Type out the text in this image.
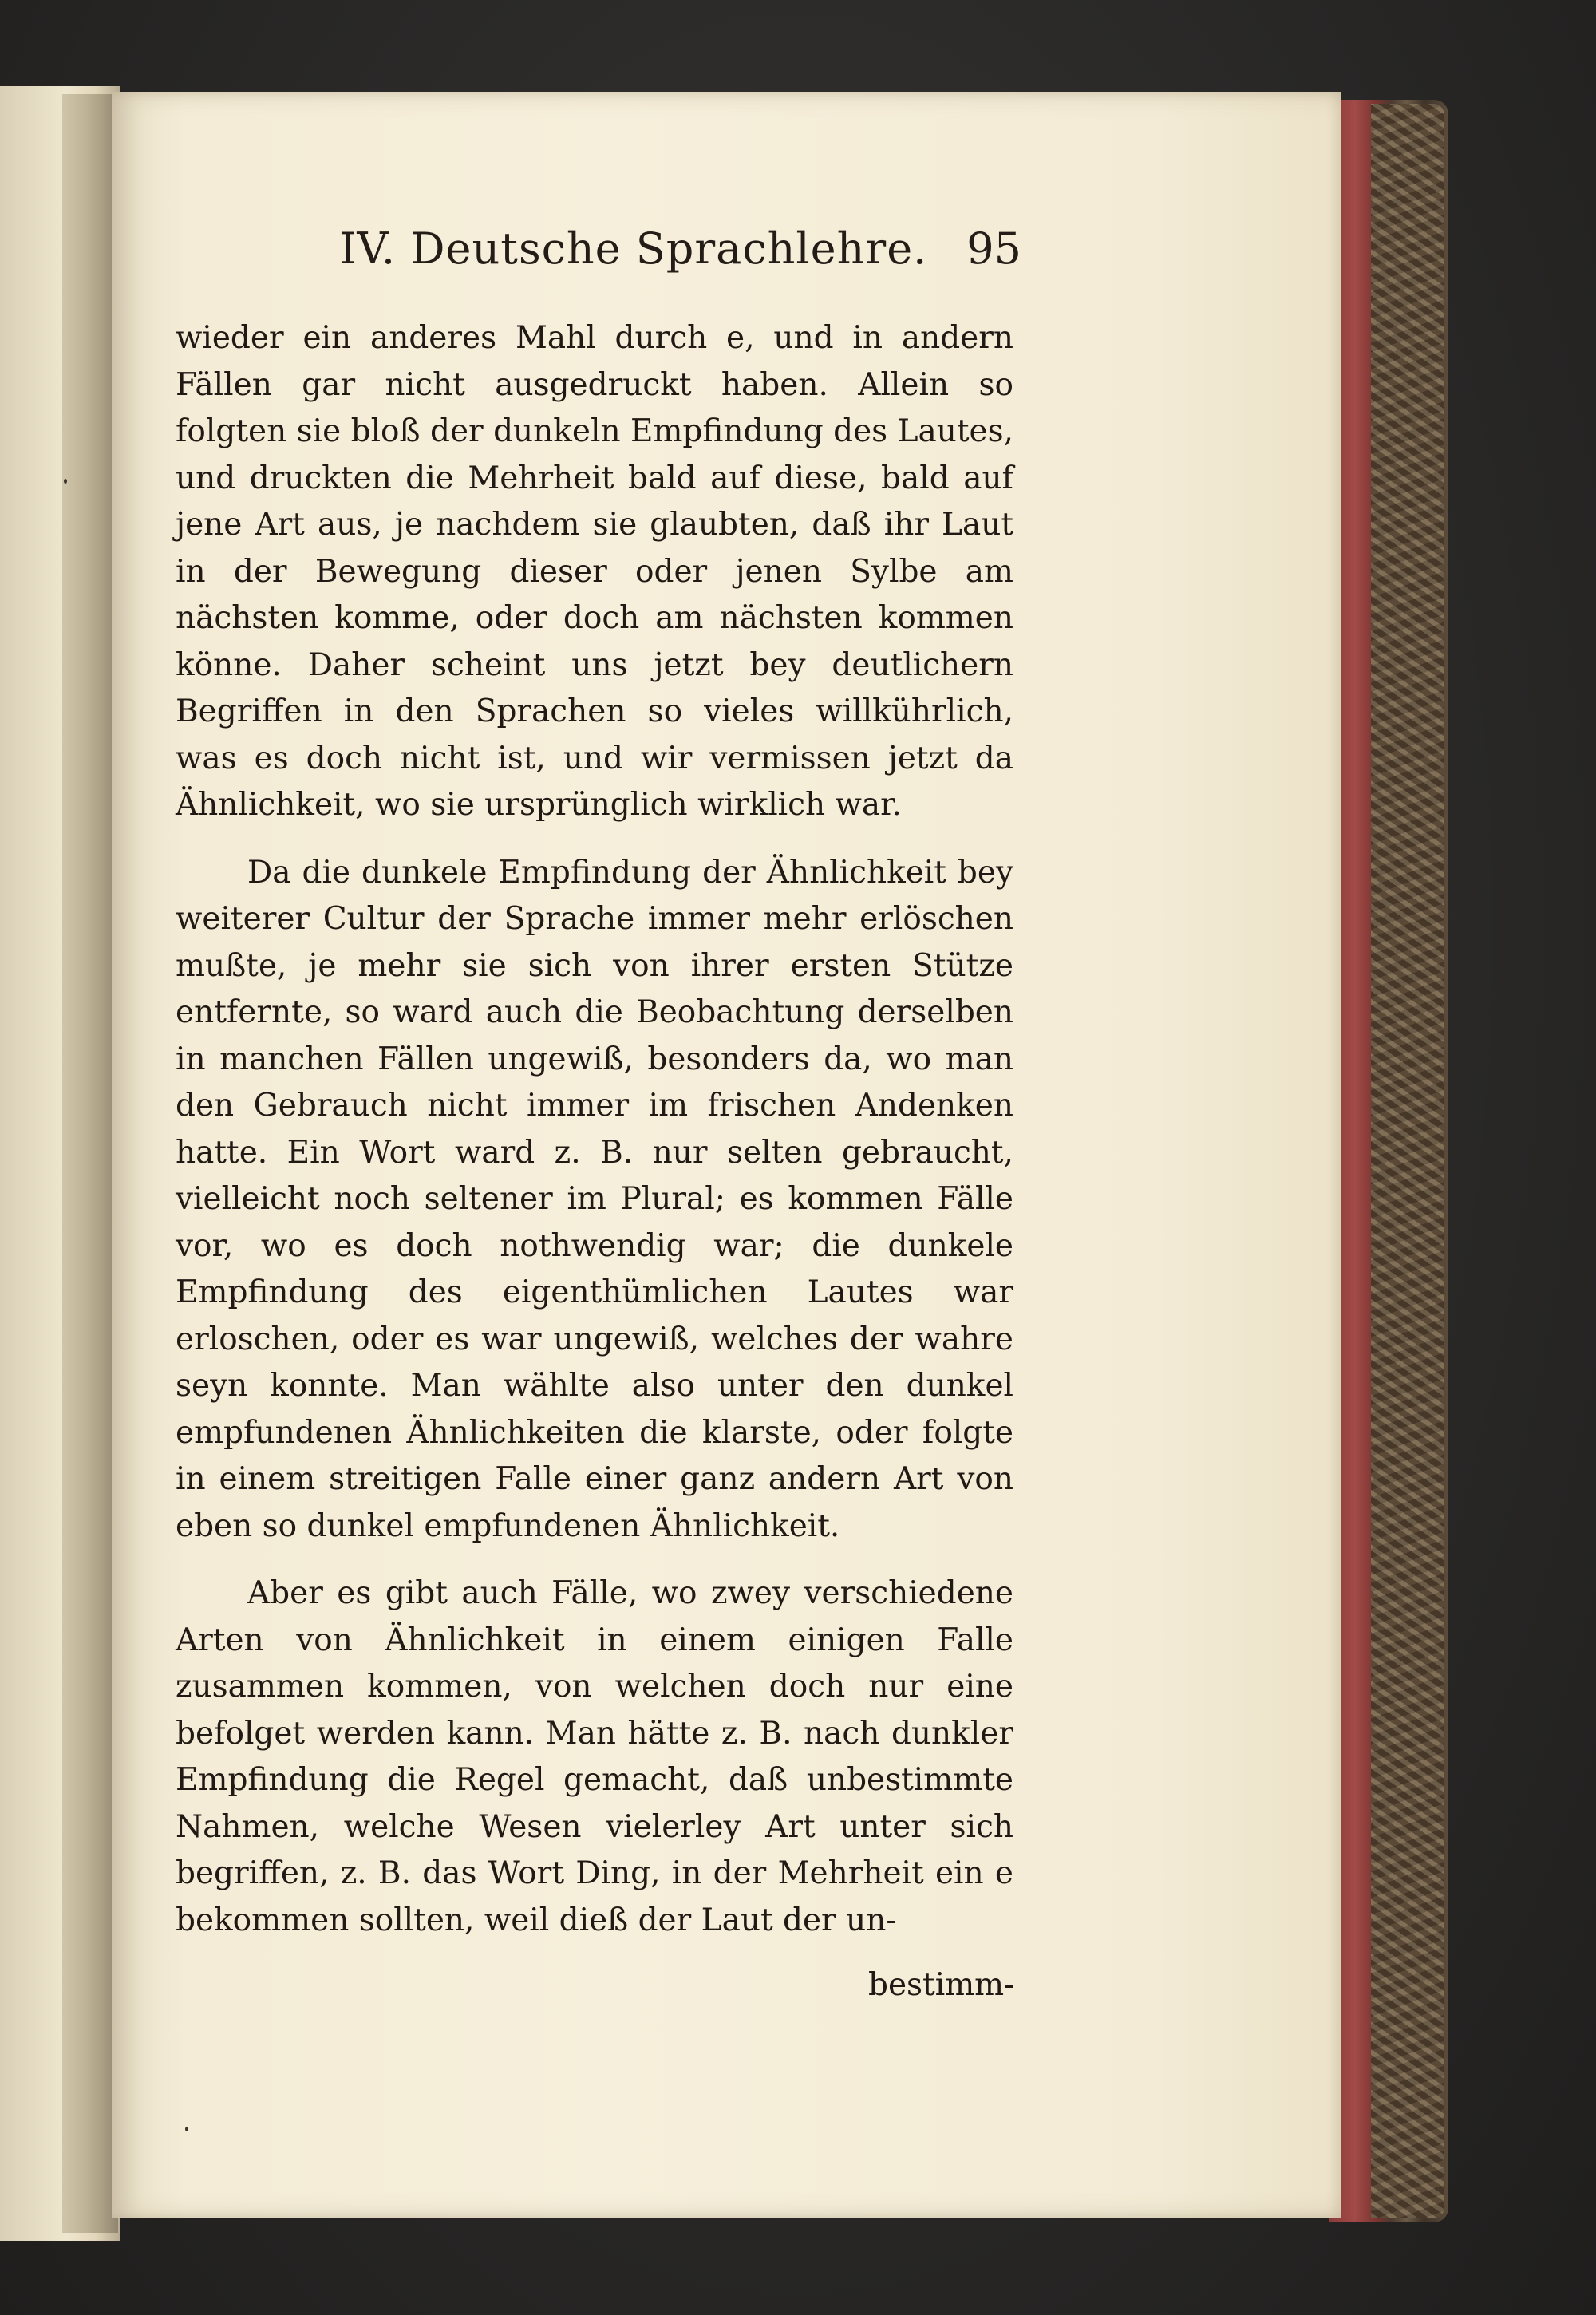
IV. Deutsche Sprachlehre. 95

wieder ein anderes Mahl durch e, und in andern Fällen gar nicht ausgedruckt haben. Allein so folgten sie bloß der dunkeln Empfindung des Lautes, und druckten die Mehrheit bald auf diese, bald auf jene Art aus, je nachdem sie glaubten, daß ihr Laut in der Bewegung dieser oder jenen Sylbe am nächsten komme, oder doch am nächsten kommen könne. Daher scheint uns jetzt bey deutlichern Begriffen in den Sprachen so vieles willkührlich, was es doch nicht ist, und wir vermissen jetzt da Ähnlichkeit, wo sie ursprünglich wirklich war.

Da die dunkele Empfindung der Ähnlichkeit bey weiterer Cultur der Sprache immer mehr erlöschen mußte, je mehr sie sich von ihrer ersten Stütze entfernte, so ward auch die Beobachtung derselben in manchen Fällen ungewiß, besonders da, wo man den Gebrauch nicht immer im frischen Andenken hatte. Ein Wort ward z. B. nur selten gebraucht, vielleicht noch seltener im Plural; es kommen Fälle vor, wo es doch nothwendig war; die dunkele Empfindung des eigenthümlichen Lautes war erloschen, oder es war ungewiß, welches der wahre seyn konnte. Man wählte also unter den dunkel empfundenen Ähnlichkeiten die klarste, oder folgte in einem streitigen Falle einer ganz andern Art von eben so dunkel empfundenen Ähnlichkeit.

Aber es gibt auch Fälle, wo zwey verschiedene Arten von Ähnlichkeit in einem einigen Falle zusammen kommen, von welchen doch nur eine befolget werden kann. Man hätte z. B. nach dunkler Empfindung die Regel gemacht, daß unbestimmte Nahmen, welche Wesen vielerley Art unter sich begriffen, z. B. das Wort Ding, in der Mehrheit ein e bekommen sollten, weil dieß der Laut der un-

bestimm-
